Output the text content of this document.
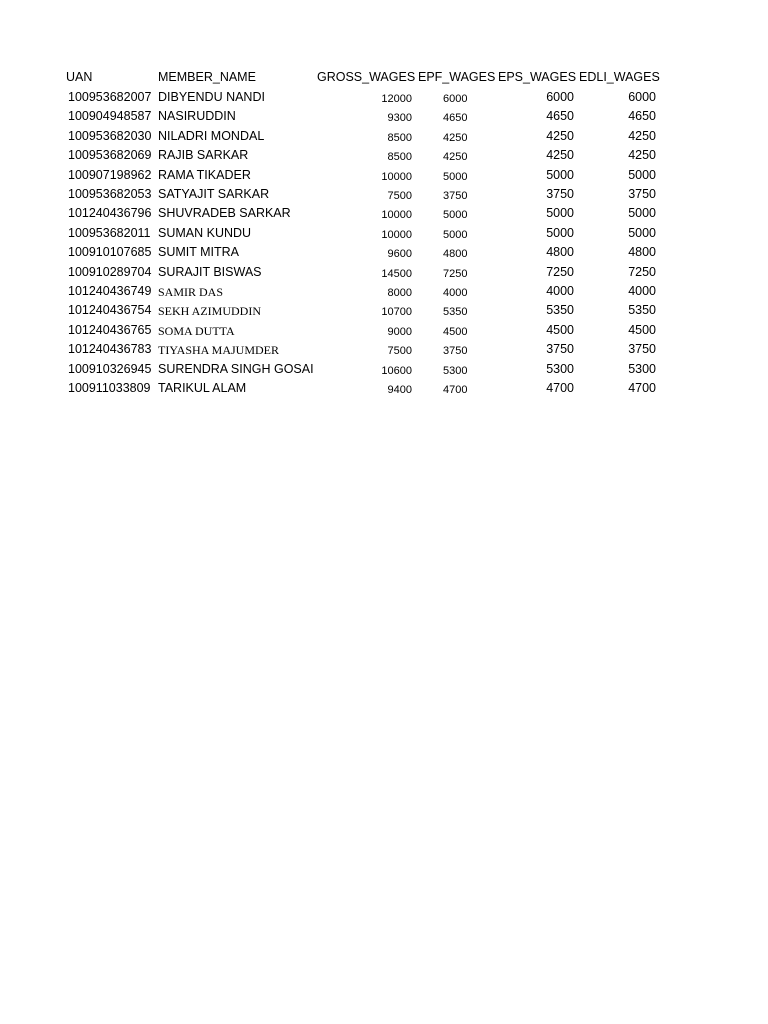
UAN	MEMBER_NAME	GROSS_WAGES EPF_WAGES EPS_WAGES EDLI_WAGES
100953682007 DIBYENDU NANDI	12000	6000	6000	6000
100904948587 NASIRUDDIN	9300	4650	4650	4650
100953682030 NILADRI MONDAL	8500	4250	4250	4250
100953682069 RAJIB SARKAR	8500	4250	4250	4250
100907198962 RAMA TIKADER	10000	5000	5000	5000
100953682053 SATYAJIT SARKAR	7500	3750	3750	3750
101240436796 SHUVRADEB SARKAR	10000	5000	5000	5000
100953682011 SUMAN KUNDU	10000	5000	5000	5000
100910107685 SUMIT MITRA	9600	4800	4800	4800
100910289704 SURAJIT BISWAS	14500	7250	7250	7250
101240436749 SAMIR DAS	8000	4000	4000	4000
101240436754 SEKH AZIMUDDIN	10700	5350	5350	5350
101240436765 SOMA DUTTA	9000	4500	4500	4500
101240436783 TIYASHA MAJUMDER	7500	3750	3750	3750
100910326945 SURENDRA SINGH GOSAI	10600	5300	5300	5300
100911033809 TARIKUL ALAM	9400	4700	4700	4700
